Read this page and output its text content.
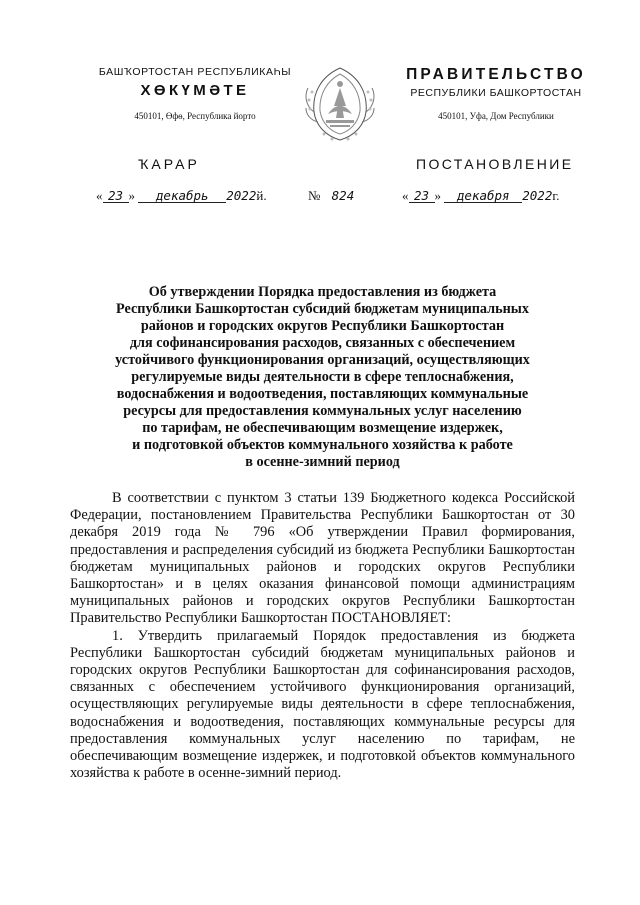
БАШҠОРТОСТАН РЕСПУБЛИКАҺЫ
ХӨКҮМӘТЕ
450101, Өфө, Республика йорто
ПРАВИТЕЛЬСТВО
РЕСПУБЛИКИ БАШКОРТОСТАН
450101, Уфа, Дом Республики
ҠАРАР	ПОСТАНОВЛЕНИЕ
« 23 » декабрь 2022й.	№ 824	« 23 » декабря 2022г.
Об утверждении Порядка предоставления из бюджета
Республики Башкортостан субсидий бюджетам муниципальных
районов и городских округов Республики Башкортостан
для софинансирования расходов, связанных с обеспечением
устойчивого функционирования организаций, осуществляющих
регулируемые виды деятельности в сфере теплоснабжения,
водоснабжения и водоотведения, поставляющих коммунальные
ресурсы для предоставления коммунальных услуг населению
по тарифам, не обеспечивающим возмещение издержек,
и подготовкой объектов коммунального хозяйства к работе
в осенне-зимний период

В соответствии с пунктом 3 статьи 139 Бюджетного кодекса Российской Федерации, постановлением Правительства Республики Башкортостан от 30 декабря 2019 года № 796 «Об утверждении Правил формирования, предоставления и распределения субсидий из бюджета Республики Башкортостан бюджетам муниципальных районов и городских округов Республики Башкортостан» и в целях оказания финансовой помощи администрациям муниципальных районов и городских округов Республики Башкортостан Правительство Республики Башкортостан ПОСТАНОВЛЯЕТ:

1. Утвердить прилагаемый Порядок предоставления из бюджета Республики Башкортостан субсидий бюджетам муниципальных районов и городских округов Республики Башкортостан для софинансирования расходов, связанных с обеспечением устойчивого функционирования организаций, осуществляющих регулируемые виды деятельности в сфере теплоснабжения, водоснабжения и водоотведения, поставляющих коммунальные ресурсы для предоставления коммунальных услуг населению по тарифам, не обеспечивающим возмещение издержек, и подготовкой объектов коммунального хозяйства к работе в осенне-зимний период.
